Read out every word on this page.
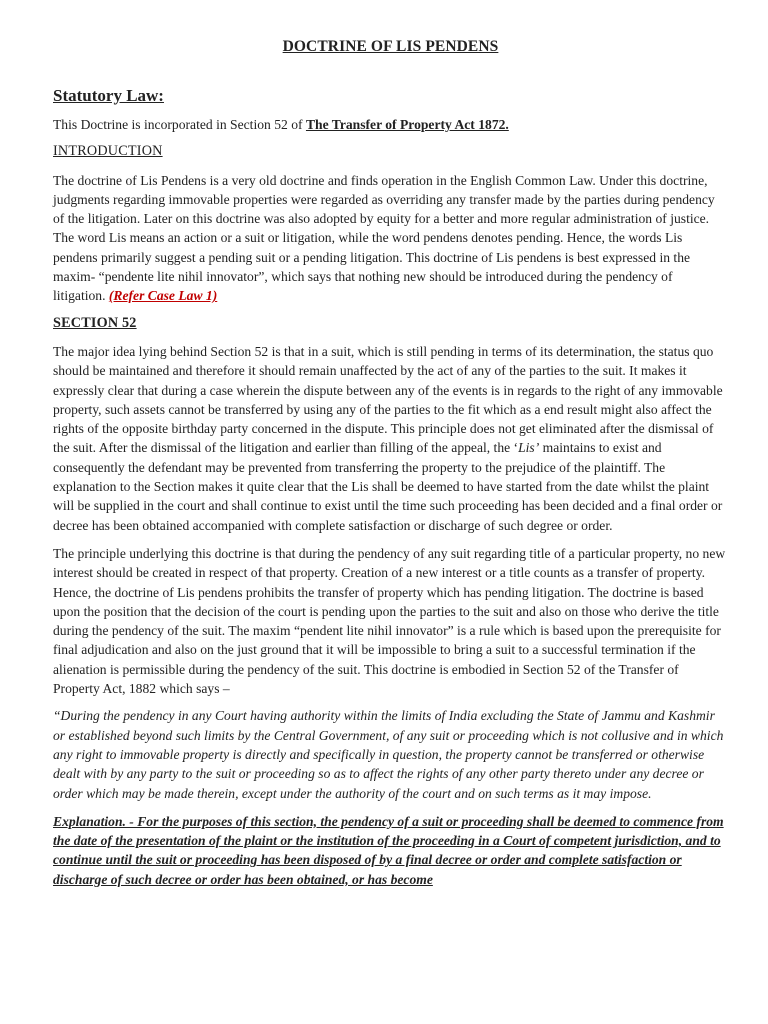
DOCTRINE OF LIS PENDENS
Statutory Law:

This Doctrine is incorporated in Section 52 of The Transfer of Property Act 1872.

INTRODUCTION

The doctrine of Lis Pendens is a very old doctrine and finds operation in the English Common Law. Under this doctrine, judgments regarding immovable properties were regarded as overriding any transfer made by the parties during pendency of the litigation. Later on this doctrine was also adopted by equity for a better and more regular administration of justice. The word Lis means an action or a suit or litigation, while the word pendens denotes pending. Hence, the words Lis pendens primarily suggest a pending suit or a pending litigation. This doctrine of Lis pendens is best expressed in the maxim- “pendente lite nihil innovator”, which says that nothing new should be introduced during the pendency of litigation. (Refer Case Law 1)

SECTION 52

The major idea lying behind Section 52 is that in a suit, which is still pending in terms of its determination, the status quo should be maintained and therefore it should remain unaffected by the act of any of the parties to the suit. It makes it expressly clear that during a case wherein the dispute between any of the events is in regards to the right of any immovable property, such assets cannot be transferred by using any of the parties to the fit which as a end result might also affect the rights of the opposite birthday party concerned in the dispute. This principle does not get eliminated after the dismissal of the suit. After the dismissal of the litigation and earlier than filling of the appeal, the ‘Lis’ maintains to exist and consequently the defendant may be prevented from transferring the property to the prejudice of the plaintiff. The explanation to the Section makes it quite clear that the Lis shall be deemed to have started from the date whilst the plaint will be supplied in the court and shall continue to exist until the time such proceeding has been decided and a final order or decree has been obtained accompanied with complete satisfaction or discharge of such degree or order.

The principle underlying this doctrine is that during the pendency of any suit regarding title of a particular property, no new interest should be created in respect of that property. Creation of a new interest or a title counts as a transfer of property. Hence, the doctrine of Lis pendens prohibits the transfer of property which has pending litigation. The doctrine is based upon the position that the decision of the court is pending upon the parties to the suit and also on those who derive the title during the pendency of the suit. The maxim “pendent lite nihil innovator” is a rule which is based upon the prerequisite for final adjudication and also on the just ground that it will be impossible to bring a suit to a successful termination if the alienation is permissible during the pendency of the suit. This doctrine is embodied in Section 52 of the Transfer of Property Act, 1882 which says –

“During the pendency in any Court having authority within the limits of India excluding the State of Jammu and Kashmir or established beyond such limits by the Central Government, of any suit or proceeding which is not collusive and in which any right to immovable property is directly and specifically in question, the property cannot be transferred or otherwise dealt with by any party to the suit or proceeding so as to affect the rights of any other party thereto under any decree or order which may be made therein, except under the authority of the court and on such terms as it may impose.

Explanation. - For the purposes of this section, the pendency of a suit or proceeding shall be deemed to commence from the date of the presentation of the plaint or the institution of the proceeding in a Court of competent jurisdiction, and to continue until the suit or proceeding has been disposed of by a final decree or order and complete satisfaction or discharge of such decree or order has been obtained, or has become
